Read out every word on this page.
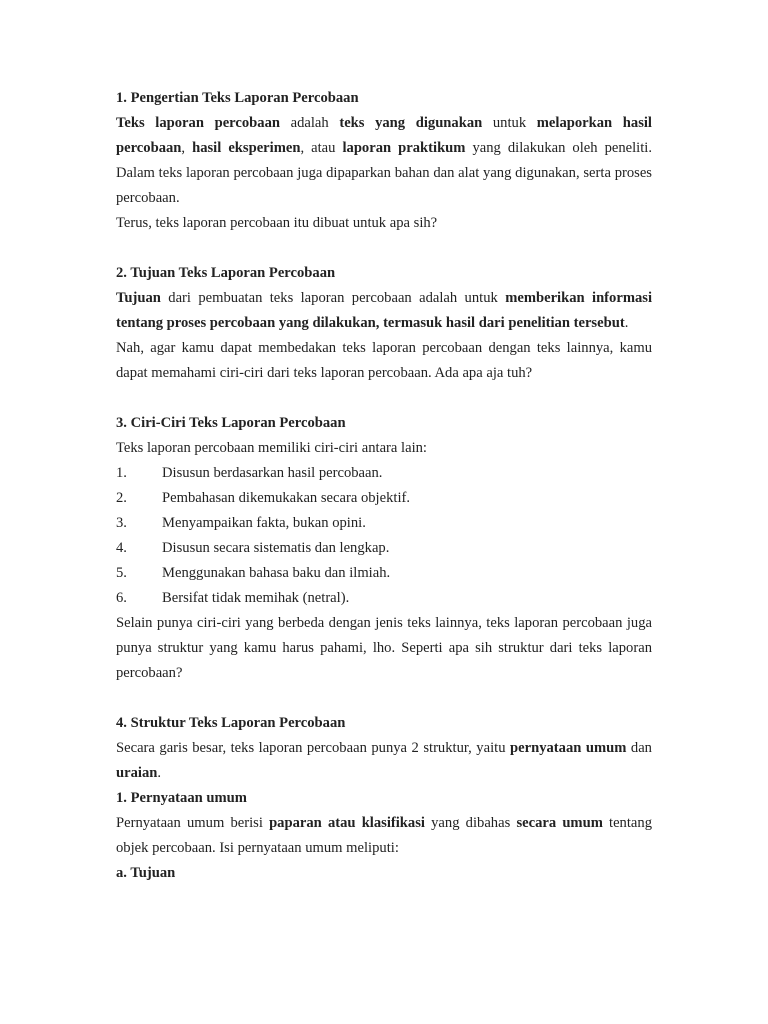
1. Pengertian Teks Laporan Percobaan

Teks laporan percobaan adalah teks yang digunakan untuk melaporkan hasil percobaan, hasil eksperimen, atau laporan praktikum yang dilakukan oleh peneliti. Dalam teks laporan percobaan juga dipaparkan bahan dan alat yang digunakan, serta proses percobaan.

Terus, teks laporan percobaan itu dibuat untuk apa sih?

2. Tujuan Teks Laporan Percobaan

Tujuan dari pembuatan teks laporan percobaan adalah untuk memberikan informasi tentang proses percobaan yang dilakukan, termasuk hasil dari penelitian tersebut.

Nah, agar kamu dapat membedakan teks laporan percobaan dengan teks lainnya, kamu dapat memahami ciri-ciri dari teks laporan percobaan. Ada apa aja tuh?

3. Ciri-Ciri Teks Laporan Percobaan

Teks laporan percobaan memiliki ciri-ciri antara lain:

1.	Disusun berdasarkan hasil percobaan.
2.	Pembahasan dikemukakan secara objektif.
3.	Menyampaikan fakta, bukan opini.
4.	Disusun secara sistematis dan lengkap.
5.	Menggunakan bahasa baku dan ilmiah.
6.	Bersifat tidak memihak (netral).

Selain punya ciri-ciri yang berbeda dengan jenis teks lainnya, teks laporan percobaan juga punya struktur yang kamu harus pahami, lho. Seperti apa sih struktur dari teks laporan percobaan?

4. Struktur Teks Laporan Percobaan

Secara garis besar, teks laporan percobaan punya 2 struktur, yaitu pernyataan umum dan uraian.

1. Pernyataan umum

Pernyataan umum berisi paparan atau klasifikasi yang dibahas secara umum tentang objek percobaan. Isi pernyataan umum meliputi:

a. Tujuan
